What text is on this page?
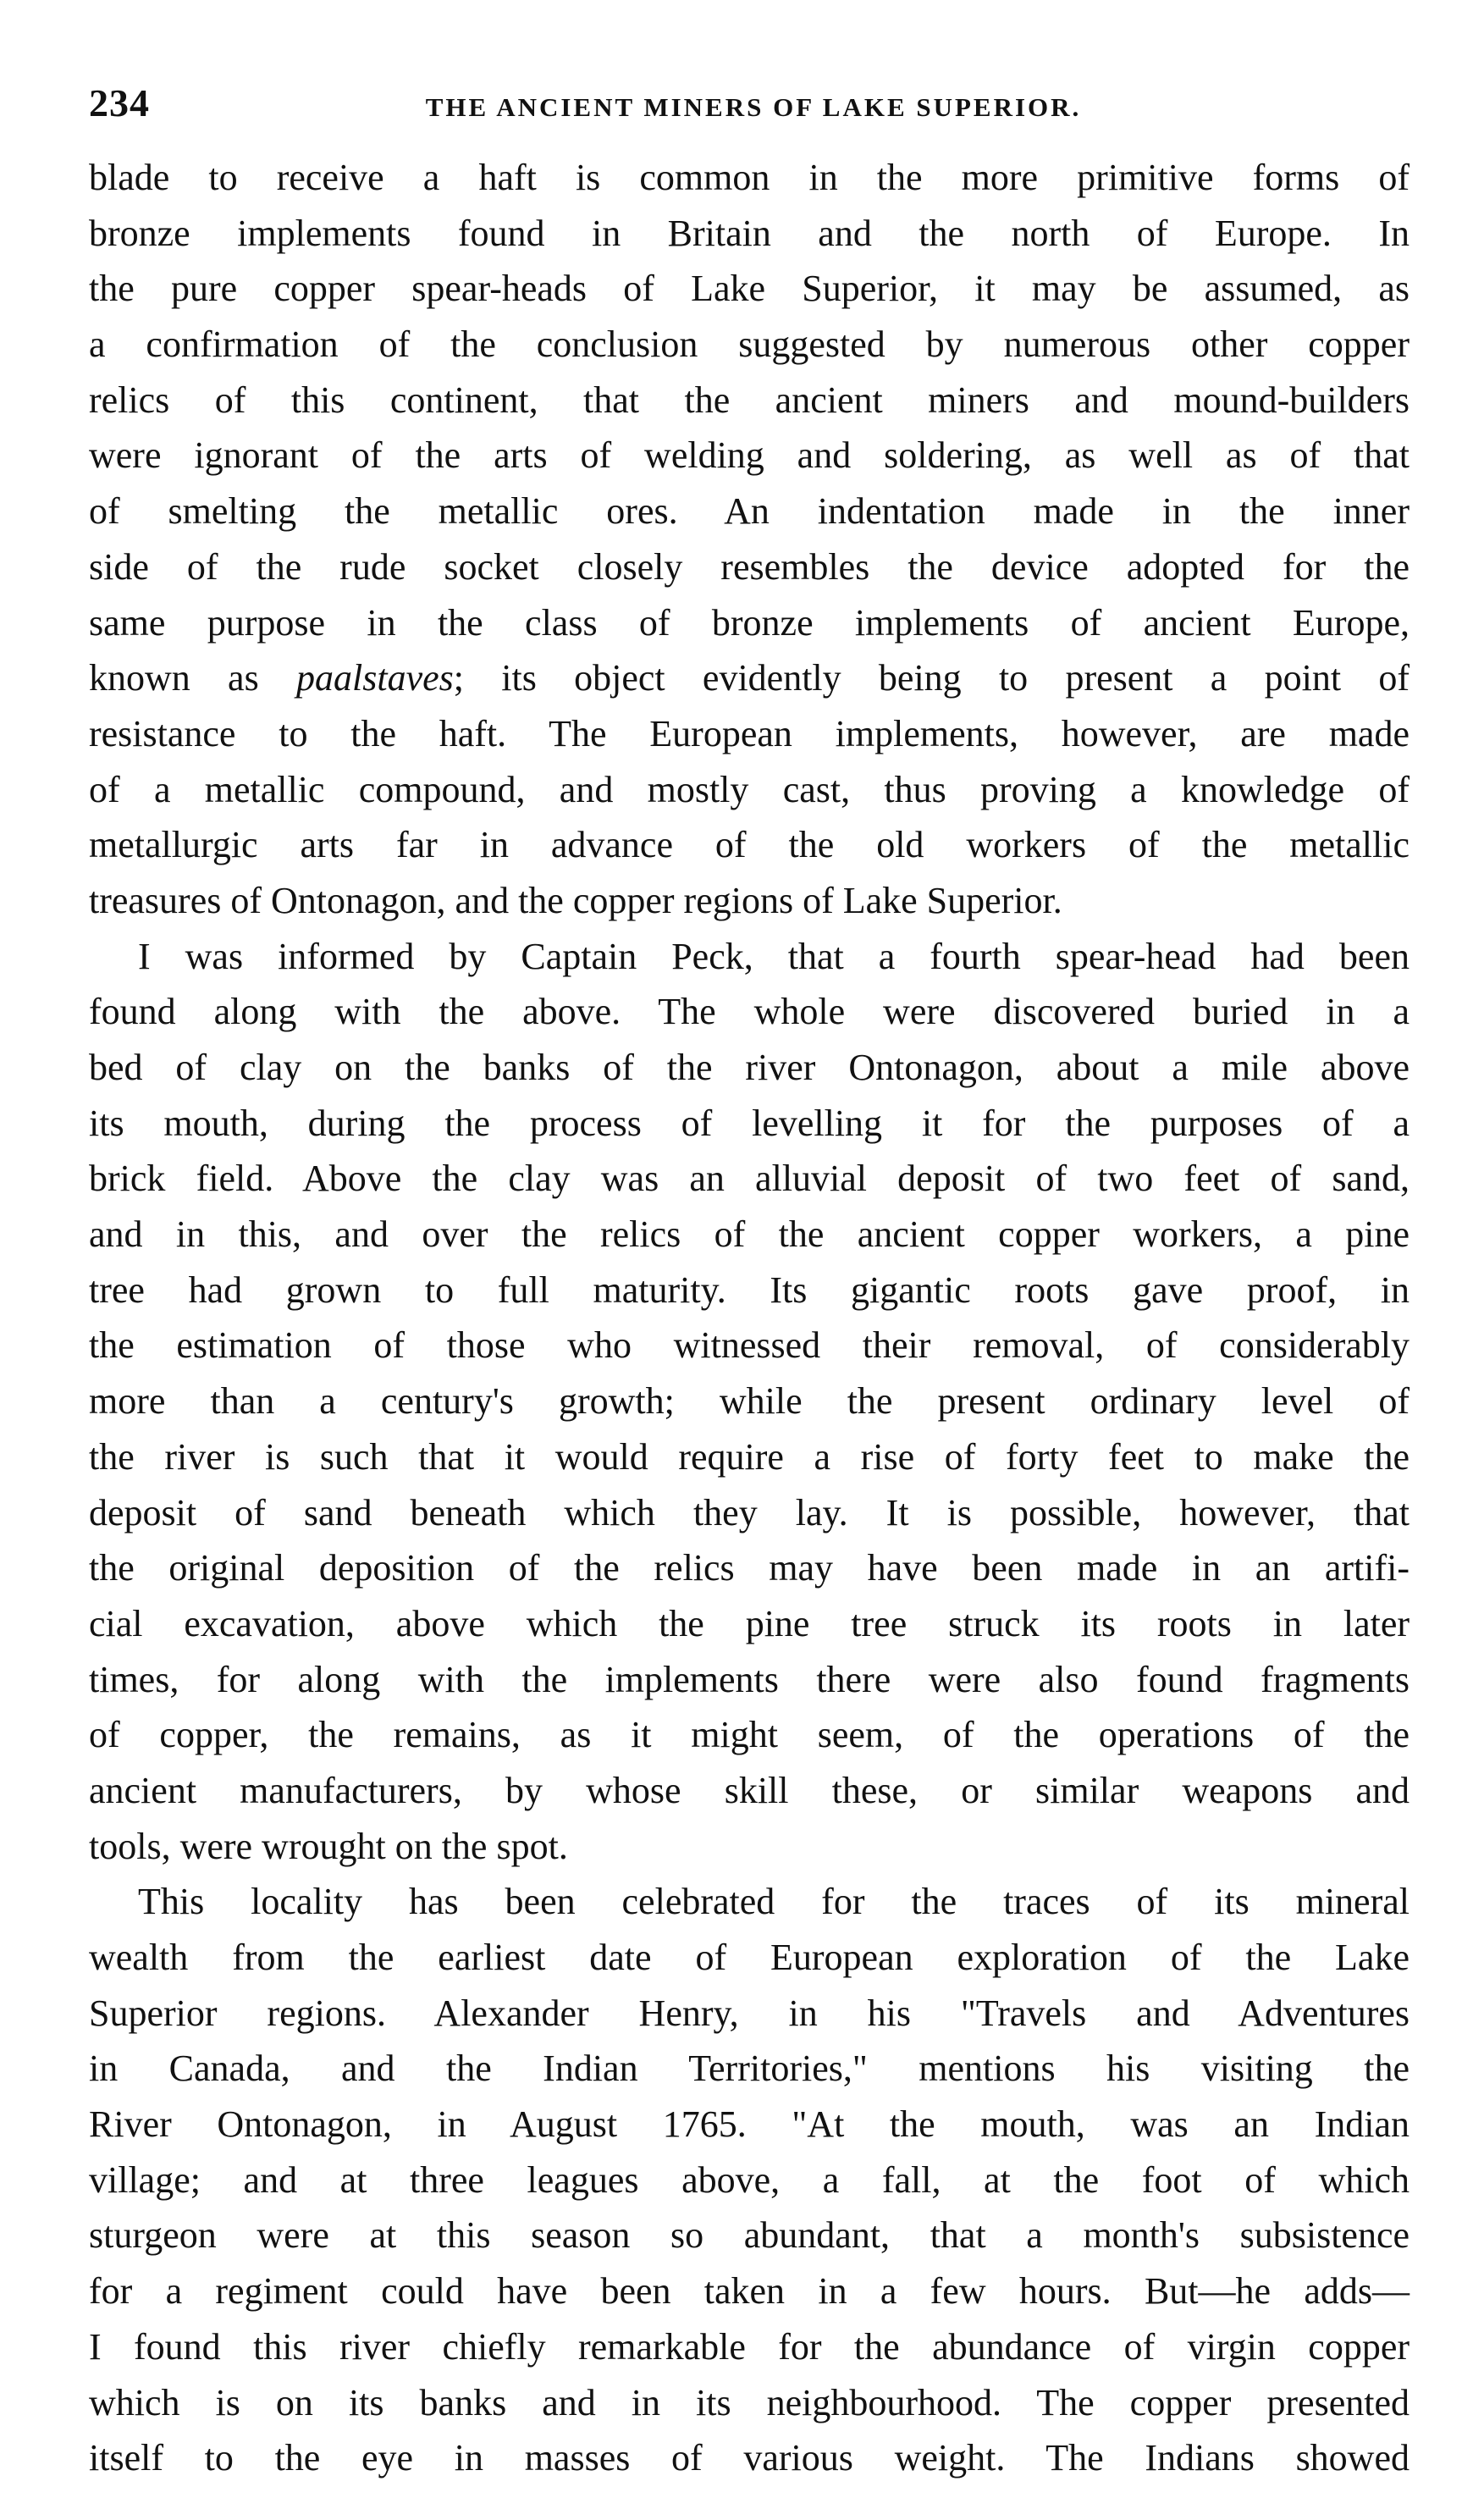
234	THE ANCIENT MINERS OF LAKE SUPERIOR.
blade to receive a haft is common in the more primitive forms of
bronze implements found in Britain and the north of Europe. In
the pure copper spear-heads of Lake Superior, it may be assumed, as
a confirmation of the conclusion suggested by numerous other copper
relics of this continent, that the ancient miners and mound-builders
were ignorant of the arts of welding and soldering, as well as of that
of smelting the metallic ores. An indentation made in the inner
side of the rude socket closely resembles the device adopted for the
same purpose in the class of bronze implements of ancient Europe,
known as paalstaves; its object evidently being to present a point of
resistance to the haft. The European implements, however, are made
of a metallic compound, and mostly cast, thus proving a knowledge of
metallurgic arts far in advance of the old workers of the metallic
treasures of Ontonagon, and the copper regions of Lake Superior.
I was informed by Captain Peck, that a fourth spear-head had been
found along with the above. The whole were discovered buried in a
bed of clay on the banks of the river Ontonagon, about a mile above
its mouth, during the process of levelling it for the purposes of a
brick field. Above the clay was an alluvial deposit of two feet of sand,
and in this, and over the relics of the ancient copper workers, a pine
tree had grown to full maturity. Its gigantic roots gave proof, in
the estimation of those who witnessed their removal, of considerably
more than a century's growth; while the present ordinary level of
the river is such that it would require a rise of forty feet to make the
deposit of sand beneath which they lay. It is possible, however, that
the original deposition of the relics may have been made in an artifi-
cial excavation, above which the pine tree struck its roots in later
times, for along with the implements there were also found fragments
of copper, the remains, as it might seem, of the operations of the
ancient manufacturers, by whose skill these, or similar weapons and
tools, were wrought on the spot.
This locality has been celebrated for the traces of its mineral
wealth from the earliest date of European exploration of the Lake
Superior regions. Alexander Henry, in his "Travels and Adventures
in Canada, and the Indian Territories," mentions his visiting the
River Ontonagon, in August 1765. "At the mouth, was an Indian
village; and at three leagues above, a fall, at the foot of which
sturgeon were at this season so abundant, that a month's subsistence
for a regiment could have been taken in a few hours. But—he adds—
I found this river chiefly remarkable for the abundance of virgin copper
which is on its banks and in its neighbourhood. The copper presented
itself to the eye in masses of various weight. The Indians showed
